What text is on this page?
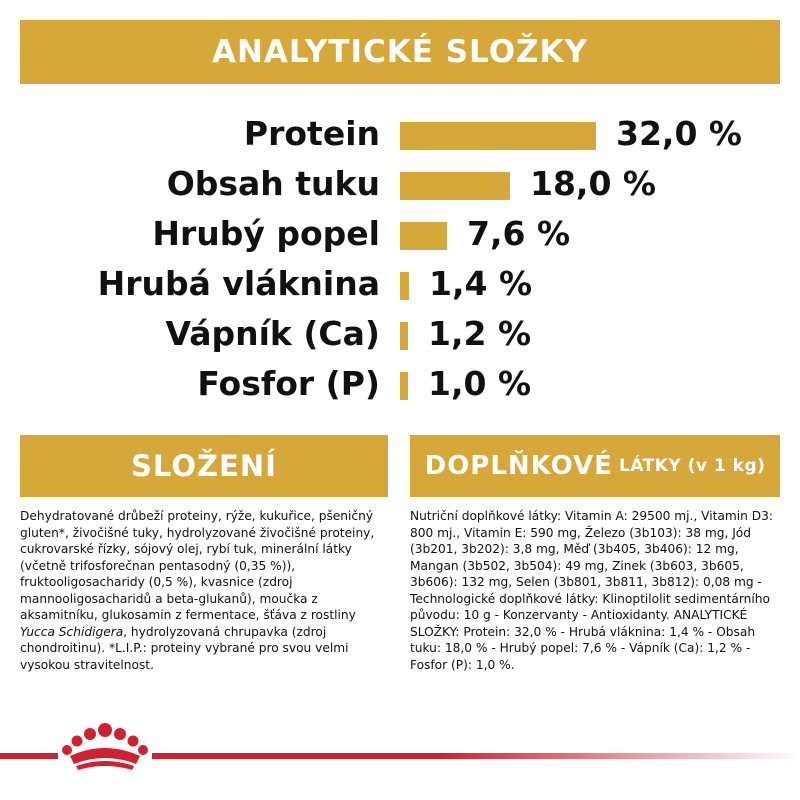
ANALYTICKÉ SLOŽKY
Protein	32,0 %
Obsah tuku	18,0 %
Hrubý popel	7,6 %
Hrubá vláknina 1,4 %
Vápník (Ca) 1,2 %
Fosfor (P) 1,0 %
SLOŽENÍ	DOPLŇKOVÉ LÁTKY (v 1 kg)
Dehydratované drůbeží proteiny, rýže, kukuřice, pšeničný gluten*, živočišné tuky, hydrolyzované živočišné proteiny, cukrovarské řízky, sójový olej, rybí tuk, minerální látky (včetně trifosforečnan pentasodný (0,35 %)), fruktooligosacharidy (0,5 %), kvasnice (zdroj mannooligosacharidů a beta-glukanů), moučka z aksamitníku, glukosamin z fermentace, šťáva z rostliny Yucca Schidigera, hydrolyzovaná chrupavka (zdroj chondroitinu). *L.I.P.: proteiny vybrané pro svou velmi vysokou stravitelnost.
Nutriční doplňkové látky: Vitamin A: 29500 mj., Vitamin D3: 800 mj., Vitamin E: 590 mg, Železo (3b103): 38 mg, Jód (3b201, 3b202): 3,8 mg, Měď (3b405, 3b406): 12 mg, Mangan (3b502, 3b504): 49 mg, Zinek (3b603, 3b605, 3b606): 132 mg, Selen (3b801, 3b811, 3b812): 0,08 mg - Technologické doplňkové látky: Klinoptilolit sedimentárního původu: 10 g - Konzervanty - Antioxidanty. ANALYTICKÉ SLOŽKY: Protein: 32,0 % - Hrubá vláknina: 1,4 % - Obsah tuku: 18,0 % - Hrubý popel: 7,6 % - Vápník (Ca): 1,2 % - Fosfor (P): 1,0 %.
